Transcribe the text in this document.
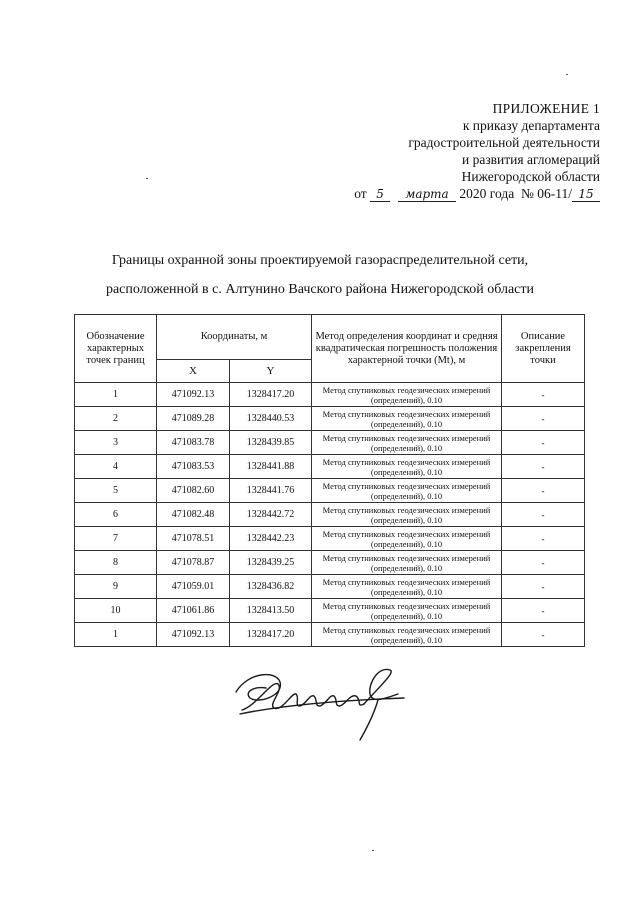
ПРИЛОЖЕНИЕ 1
к приказу департамента
градостроительной деятельности
и развития агломераций
Нижегородской области
от 5 марта 2020 года № 06-11/ 15
Границы охранной зоны проектируемой газораспределительной сети,
расположенной в с. Алтунино Вачского района Нижегородской области
Обозначение характерных точек границ	Координаты, м		Метод определения координат и средняя квадратическая погрешность положения характерной точки (Mt), м	Описание закрепления точки
	X	Y		
1	471092.13	1328417.20	Метод спутниковых геодезических измерений (определений), 0.10	-
2	471089.28	1328440.53	Метод спутниковых геодезических измерений (определений), 0.10	-
3	471083.78	1328439.85	Метод спутниковых геодезических измерений (определений), 0.10	-
4	471083.53	1328441.88	Метод спутниковых геодезических измерений (определений), 0.10	-
5	471082.60	1328441.76	Метод спутниковых геодезических измерений (определений), 0.10	-
6	471082.48	1328442.72	Метод спутниковых геодезических измерений (определений), 0.10	-
7	471078.51	1328442.23	Метод спутниковых геодезических измерений (определений), 0.10	-
8	471078.87	1328439.25	Метод спутниковых геодезических измерений (определений), 0.10	-
9	471059.01	1328436.82	Метод спутниковых геодезических измерений (определений), 0.10	-
10	471061.86	1328413.50	Метод спутниковых геодезических измерений (определений), 0.10	-
1	471092.13	1328417.20	Метод спутниковых геодезических измерений (определений), 0.10	-
